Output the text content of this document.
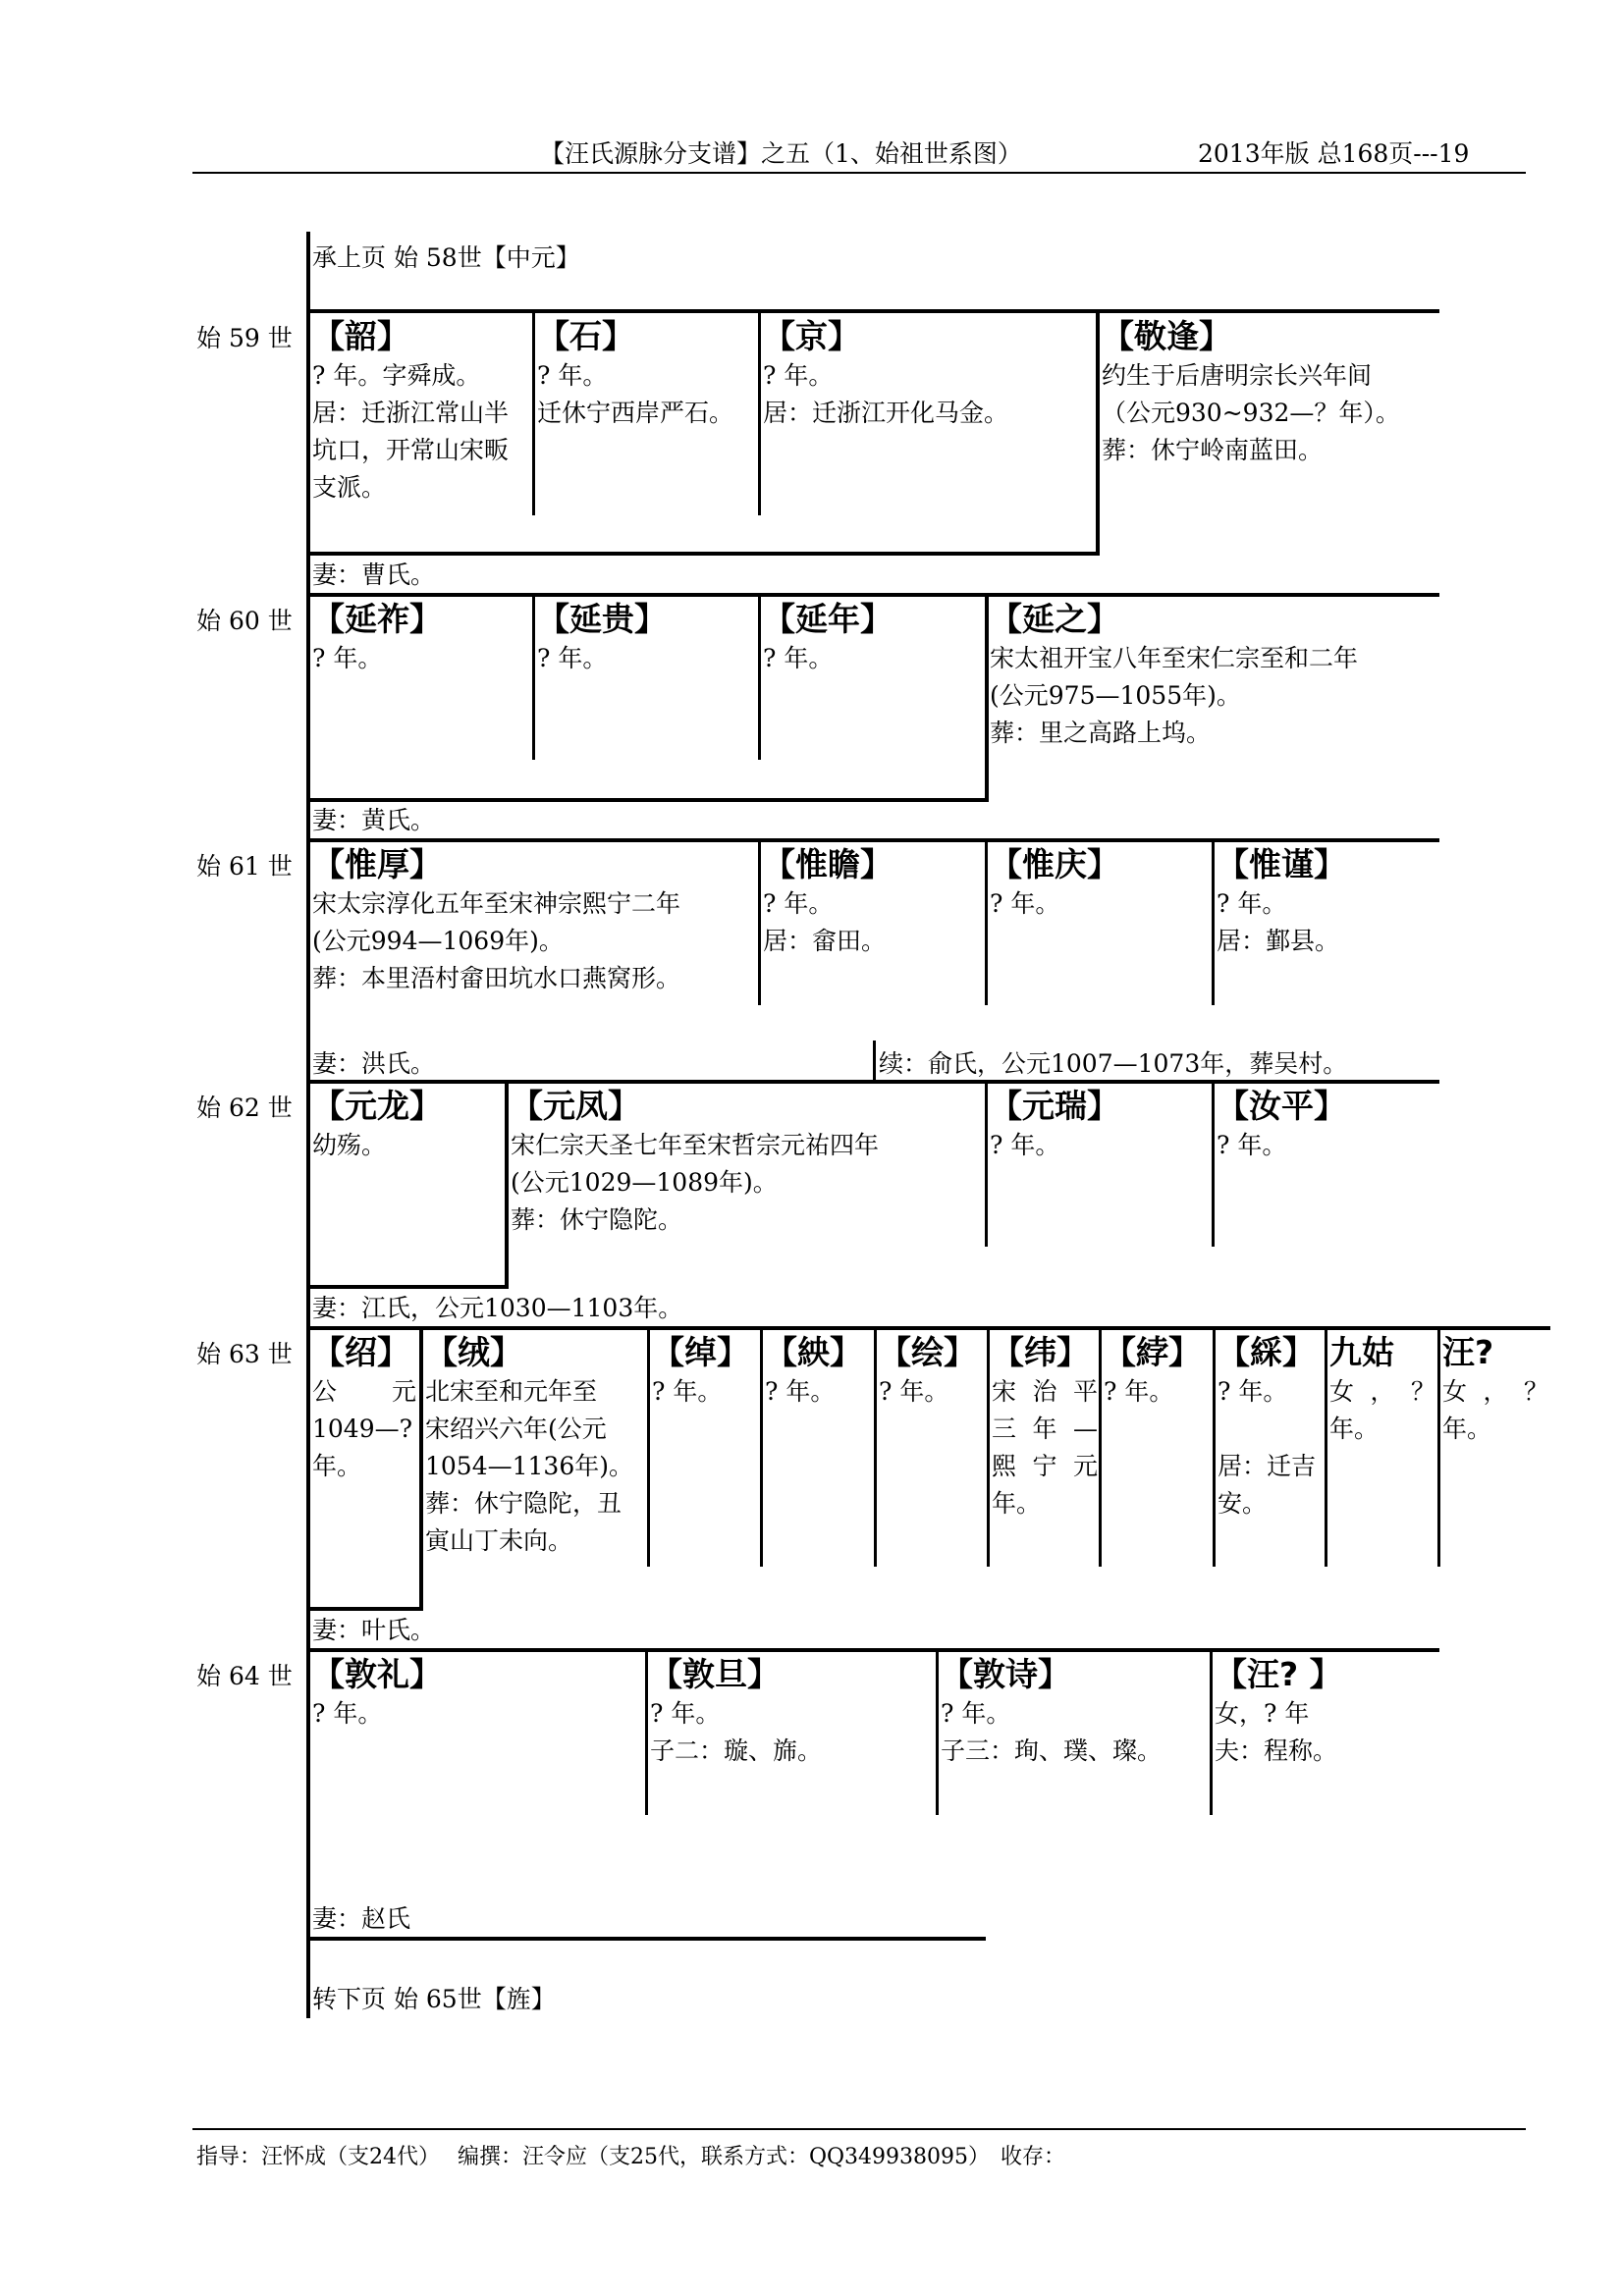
【汪氏源脉分支谱】之五（1、始祖世系图）	2013年版 总168页---19
承上页 始 58世【中元】
始 59 世 【韶】
? 年。字舜成。
居：迁浙江常山半坑口，开常山宋畈支派。
【石】
? 年。
迁休宁西岸严石。
【京】
? 年。
居：迁浙江开化马金。
【敬逢】
约生于后唐明宗长兴年间
（公元930~932—？年）。
葬：休宁岭南蓝田。
妻：曹氏。
始 60 世 【延祚】
? 年。
【延贵】
? 年。
【延年】
? 年。
【延之】
宋太祖开宝八年至宋仁宗至和二年
(公元975—1055年)。
葬：里之高路上坞。
妻：黄氏。
始 61 世 【惟厚】
宋太宗淳化五年至宋神宗熙宁二年
(公元994—1069年)。
葬：本里浯村畲田坑水口燕窝形。
【惟瞻】
? 年。
居：畲田。
【惟庆】
? 年。
【惟谨】
? 年。
居：鄞县。
妻：洪氏。	续：俞氏，公元1007—1073年，葬吴村。
始 62 世 【元龙】
幼殇。
【元凤】
宋仁宗天圣七年至宋哲宗元祐四年
(公元1029—1089年)。
葬：休宁隐陀。
【元瑞】
? 年。
【汝平】
? 年。
妻：江氏，公元1030—1103年。
始 63 世 【绍】
公　元
1049—?
年。
【绒】
北宋至和元年至
宋绍兴六年(公元
1054—1136年)。
葬：休宁隐陀，丑
寅山丁未向。
【绰】
? 年。
【紻】
? 年。
【绘】
? 年。
【纬】
宋 治 平
三 年 —
熙 宁 元
年。
【綍】
? 年。
【綵】
? 年。
居：迁吉
安。
九姑
女 ， ？
年。
汪?
女 ， ？
年。
妻：叶氏。
始 64 世 【敦礼】
? 年。
【敦旦】
? 年。
子二：璇、旆。
【敦诗】
? 年。
子三：珣、璞、璨。
【汪? 】
女，? 年
夫：程称。
妻：赵氏
转下页 始 65世【旌】
指导：汪怀成（支24代）　 编撰：汪令应（支25代，联系方式：QQ349938095）　收存：
